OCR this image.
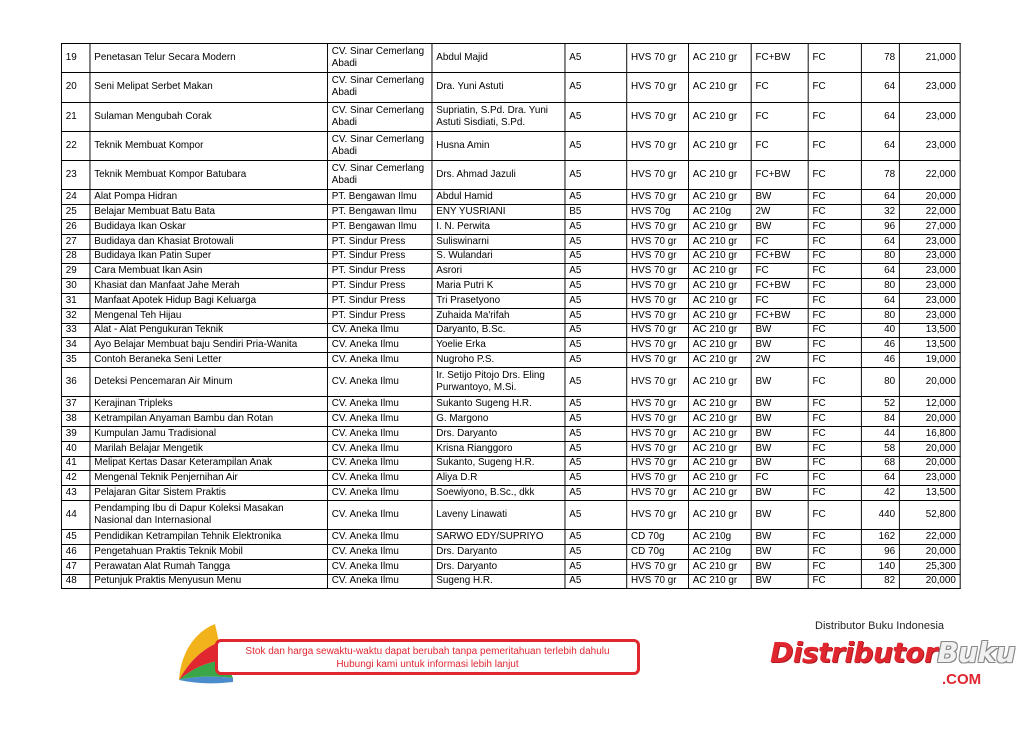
19	Penetasan Telur Secara Modern	CV. Sinar Cemerlang Abadi	Abdul Majid	A5	HVS 70 gr	AC 210 gr	FC+BW	FC	78	21,000
20	Seni Melipat Serbet Makan	CV. Sinar Cemerlang Abadi	Dra. Yuni Astuti	A5	HVS 70 gr	AC 210 gr	FC	FC	64	23,000
21	Sulaman Mengubah Corak	CV. Sinar Cemerlang Abadi	Supriatin, S.Pd. Dra. Yuni Astuti Sisdiati, S.Pd.	A5	HVS 70 gr	AC 210 gr	FC	FC	64	23,000
22	Teknik Membuat Kompor	CV. Sinar Cemerlang Abadi	Husna Amin	A5	HVS 70 gr	AC 210 gr	FC	FC	64	23,000
23	Teknik Membuat Kompor Batubara	CV. Sinar Cemerlang Abadi	Drs. Ahmad Jazuli	A5	HVS 70 gr	AC 210 gr	FC+BW	FC	78	22,000
24	Alat Pompa Hidran	PT. Bengawan Ilmu	Abdul Hamid	A5	HVS 70 gr	AC 210 gr	BW	FC	64	20,000
25	Belajar Membuat Batu Bata	PT. Bengawan Ilmu	ENY YUSRIANI	B5	HVS 70g	AC 210g	2W	FC	32	22,000
26	Budidaya Ikan Oskar	PT. Bengawan Ilmu	I. N. Perwita	A5	HVS 70 gr	AC 210 gr	BW	FC	96	27,000
27	Budidaya dan Khasiat Brotowali	PT. Sindur Press	Suliswinarni	A5	HVS 70 gr	AC 210 gr	FC	FC	64	23,000
28	Budidaya Ikan Patin Super	PT. Sindur Press	S. Wulandari	A5	HVS 70 gr	AC 210 gr	FC+BW	FC	80	23,000
29	Cara Membuat Ikan Asin	PT. Sindur Press	Asrori	A5	HVS 70 gr	AC 210 gr	FC	FC	64	23,000
30	Khasiat dan Manfaat Jahe Merah	PT. Sindur Press	Maria Putri K	A5	HVS 70 gr	AC 210 gr	FC+BW	FC	80	23,000
31	Manfaat Apotek Hidup Bagi Keluarga	PT. Sindur Press	Tri Prasetyono	A5	HVS 70 gr	AC 210 gr	FC	FC	64	23,000
32	Mengenal Teh Hijau	PT. Sindur Press	Zuhaida Ma'rifah	A5	HVS 70 gr	AC 210 gr	FC+BW	FC	80	23,000
33	Alat - Alat Pengukuran Teknik	CV. Aneka Ilmu	Daryanto, B.Sc.	A5	HVS 70 gr	AC 210 gr	BW	FC	40	13,500
34	Ayo Belajar Membuat baju Sendiri Pria-Wanita	CV. Aneka Ilmu	Yoelie Erka	A5	HVS 70 gr	AC 210 gr	BW	FC	46	13,500
35	Contoh Beraneka Seni Letter	CV. Aneka Ilmu	Nugroho P.S.	A5	HVS 70 gr	AC 210 gr	2W	FC	46	19,000
36	Deteksi Pencemaran Air Minum	CV. Aneka Ilmu	Ir. Setijo Pitojo Drs. Eling Purwantoyo, M.Si.	A5	HVS 70 gr	AC 210 gr	BW	FC	80	20,000
37	Kerajinan Tripleks	CV. Aneka Ilmu	Sukanto Sugeng H.R.	A5	HVS 70 gr	AC 210 gr	BW	FC	52	12,000
38	Ketrampilan Anyaman Bambu dan Rotan	CV. Aneka Ilmu	G. Margono	A5	HVS 70 gr	AC 210 gr	BW	FC	84	20,000
39	Kumpulan Jamu Tradisional	CV. Aneka Ilmu	Drs. Daryanto	A5	HVS 70 gr	AC 210 gr	BW	FC	44	16,800
40	Marilah Belajar Mengetik	CV. Aneka Ilmu	Krisna Rianggoro	A5	HVS 70 gr	AC 210 gr	BW	FC	58	20,000
41	Melipat Kertas Dasar Keterampilan Anak	CV. Aneka Ilmu	Sukanto, Sugeng H.R.	A5	HVS 70 gr	AC 210 gr	BW	FC	68	20,000
42	Mengenal Teknik Penjernihan Air	CV. Aneka Ilmu	Aliya D.R	A5	HVS 70 gr	AC 210 gr	FC	FC	64	23,000
43	Pelajaran Gitar Sistem Praktis	CV. Aneka Ilmu	Soewiyono, B.Sc., dkk	A5	HVS 70 gr	AC 210 gr	BW	FC	42	13,500
44	Pendamping Ibu di Dapur Koleksi Masakan Nasional dan Internasional	CV. Aneka Ilmu	Laveny Linawati	A5	HVS 70 gr	AC 210 gr	BW	FC	440	52,800
45	Pendidikan Ketrampilan Tehnik Elektronika	CV. Aneka Ilmu	SARWO EDY/SUPRIYO	A5	CD 70g	AC 210g	BW	FC	162	22,000
46	Pengetahuan Praktis Teknik Mobil	CV. Aneka Ilmu	Drs. Daryanto	A5	CD 70g	AC 210g	BW	FC	96	20,000
47	Perawatan Alat Rumah Tangga	CV. Aneka Ilmu	Drs. Daryanto	A5	HVS 70 gr	AC 210 gr	BW	FC	140	25,300
48	Petunjuk Praktis Menyusun Menu	CV. Aneka Ilmu	Sugeng H.R.	A5	HVS 70 gr	AC 210 gr	BW	FC	82	20,000
Stok dan harga sewaktu-waktu dapat berubah tanpa pemeritahuan terlebih dahulu
Hubungi kami untuk informasi lebih lanjut
Distributor Buku Indonesia
DistributorBuku
.COM
